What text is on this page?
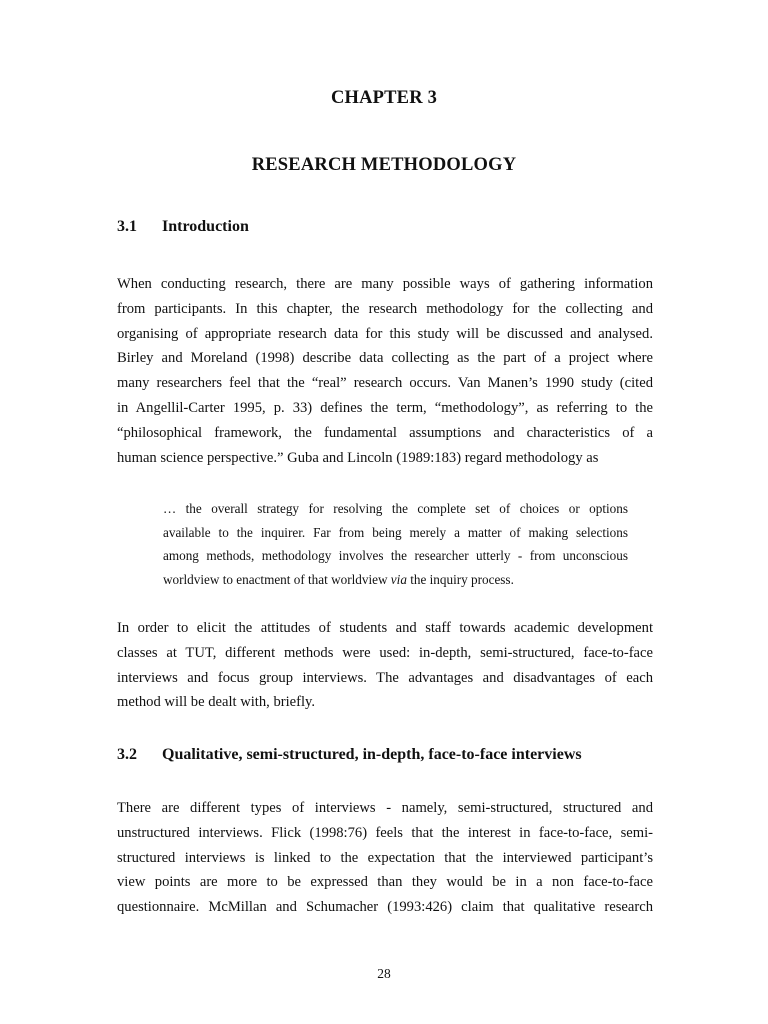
CHAPTER 3
RESEARCH METHODOLOGY
3.1 Introduction
When conducting research, there are many possible ways of gathering information
from participants. In this chapter, the research methodology for the collecting and
organising of appropriate research data for this study will be discussed and analysed.
Birley and Moreland (1998) describe data collecting as the part of a project where
many researchers feel that the “real” research occurs. Van Manen’s 1990 study (cited
in Angellil-Carter 1995, p. 33) defines the term, “methodology”, as referring to the
“philosophical framework, the fundamental assumptions and characteristics of a
human science perspective.” Guba and Lincoln (1989:183) regard methodology as
… the overall strategy for resolving the complete set of choices or options
available to the inquirer. Far from being merely a matter of making selections
among methods, methodology involves the researcher utterly - from unconscious
worldview to enactment of that worldview via the inquiry process.
In order to elicit the attitudes of students and staff towards academic development
classes at TUT, different methods were used: in-depth, semi-structured, face-to-face
interviews and focus group interviews. The advantages and disadvantages of each
method will be dealt with, briefly.
3.2 Qualitative, semi-structured, in-depth, face-to-face interviews
There are different types of interviews - namely, semi-structured, structured and
unstructured interviews. Flick (1998:76) feels that the interest in face-to-face, semi-
structured interviews is linked to the expectation that the interviewed participant’s
view points are more to be expressed than they would be in a non face-to-face
questionnaire. McMillan and Schumacher (1993:426) claim that qualitative research
28
